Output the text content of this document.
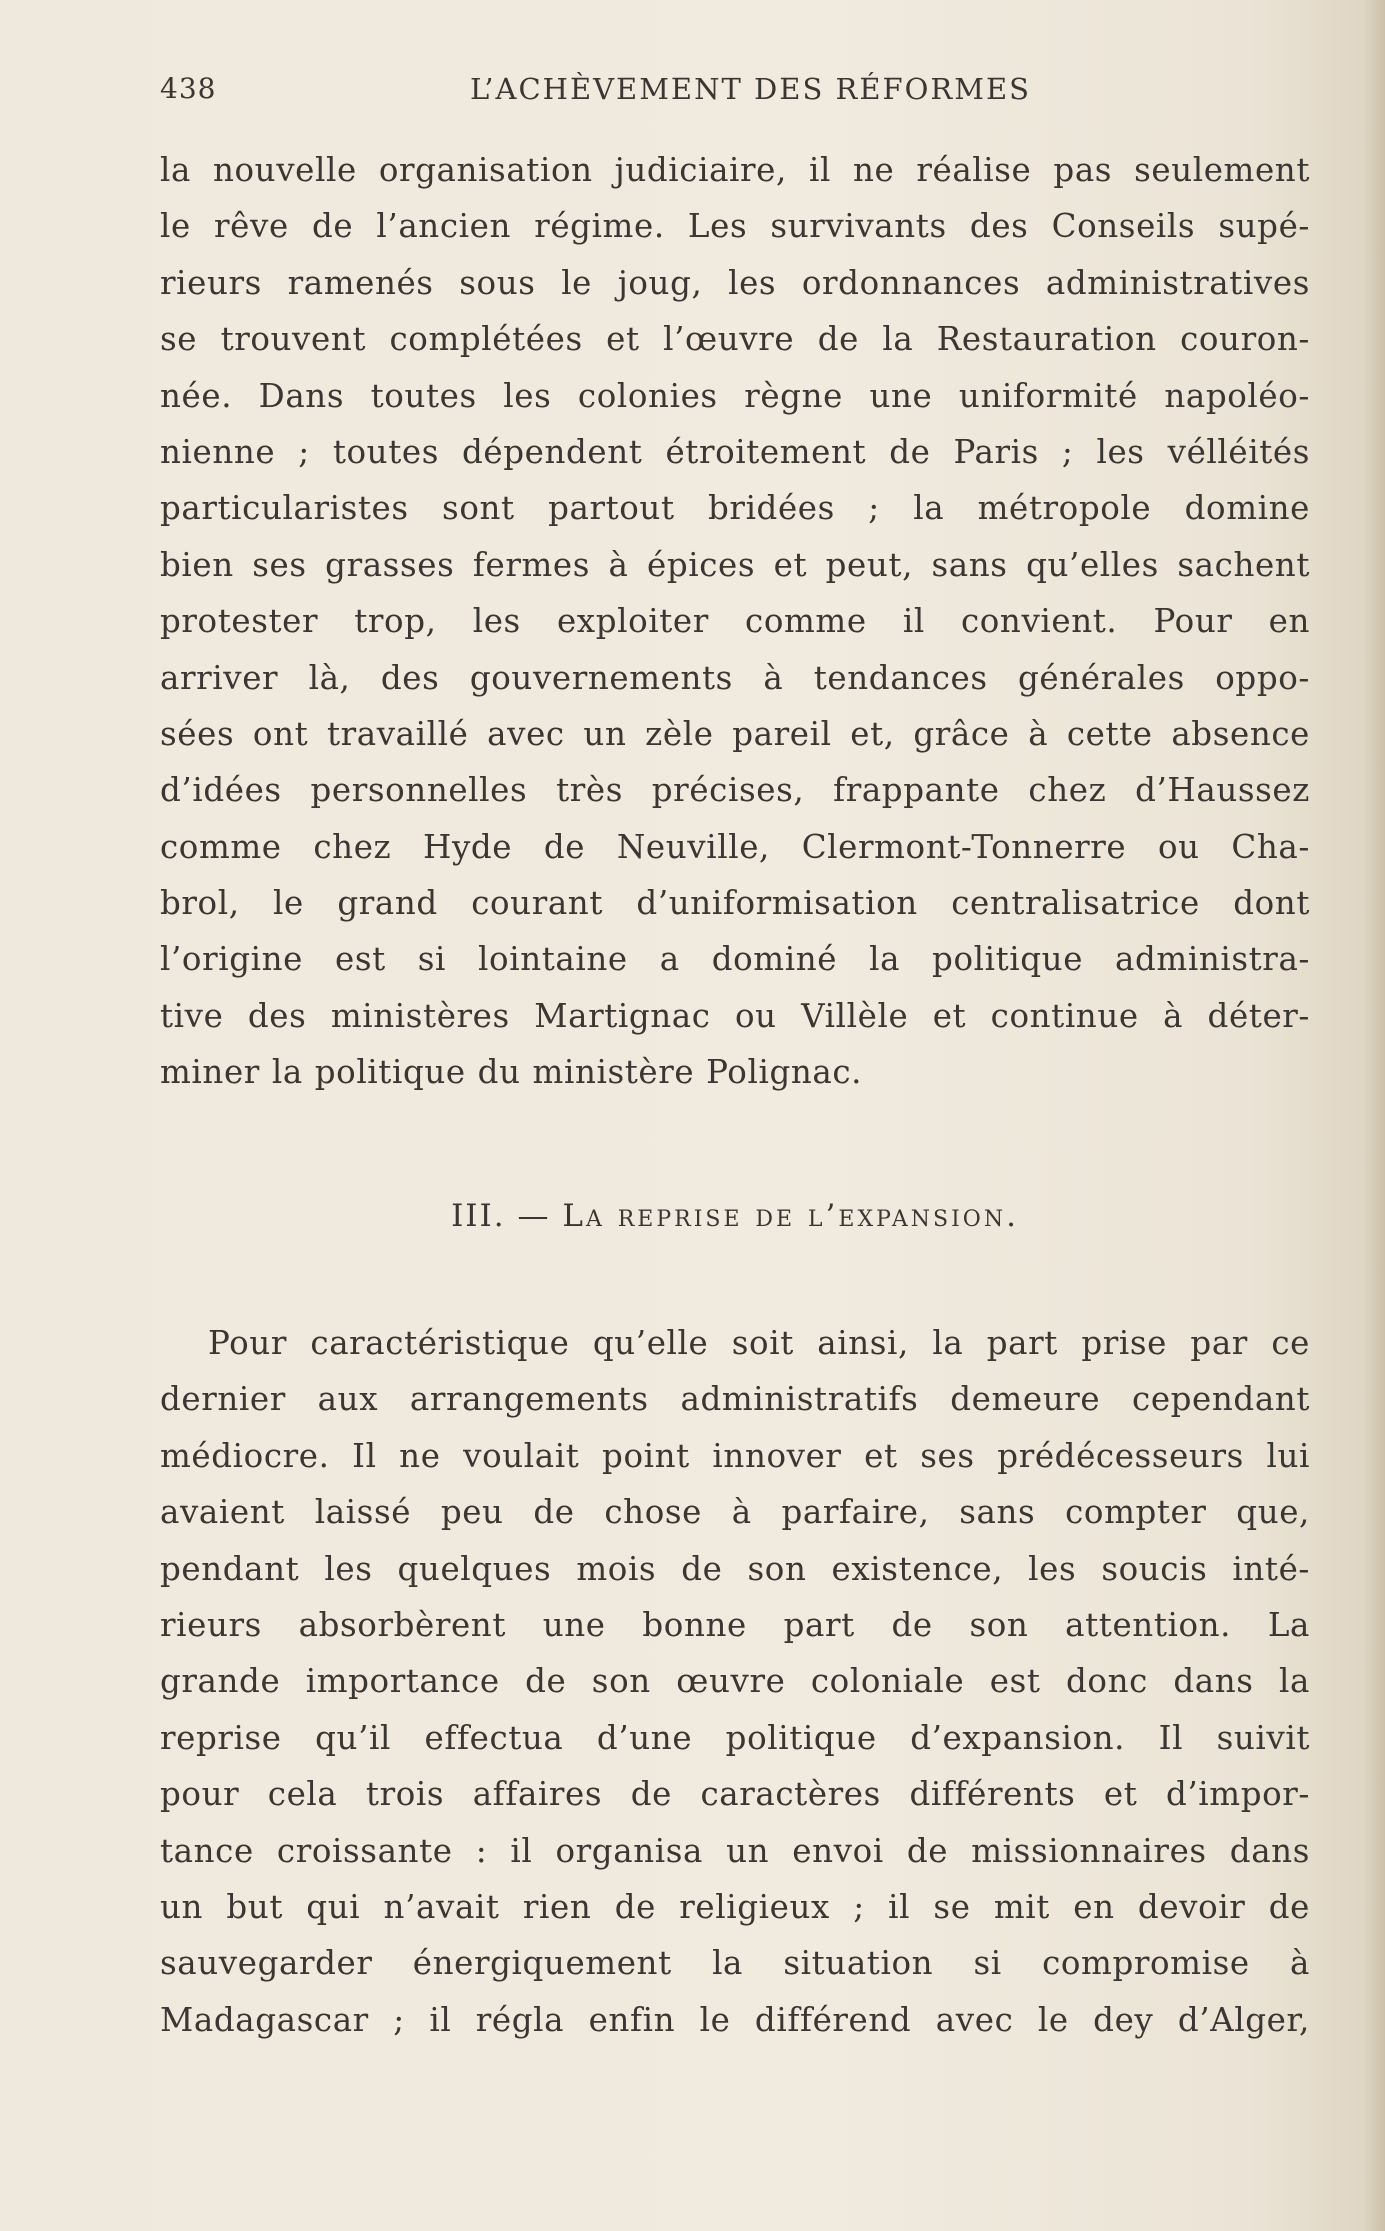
438	L’ACHÈVEMENT DES RÉFORMES
la nouvelle organisation judiciaire, il ne réalise pas seulement
le rêve de l’ancien régime. Les survivants des Conseils supé-
rieurs ramenés sous le joug, les ordonnances administratives
se trouvent complétées et l’œuvre de la Restauration couron-
née. Dans toutes les colonies règne une uniformité napoléo-
nienne ; toutes dépendent étroitement de Paris ; les vélléités
particularistes sont partout bridées ; la métropole domine
bien ses grasses fermes à épices et peut, sans qu’elles sachent
protester trop, les exploiter comme il convient. Pour en
arriver là, des gouvernements à tendances générales oppo-
sées ont travaillé avec un zèle pareil et, grâce à cette absence
d’idées personnelles très précises, frappante chez d’Haussez
comme chez Hyde de Neuville, Clermont-Tonnerre ou Cha-
brol, le grand courant d’uniformisation centralisatrice dont
l’origine est si lointaine a dominé la politique administra-
tive des ministères Martignac ou Villèle et continue à déter-
miner la politique du ministère Polignac.
III. — La reprise de l’expansion.
Pour caractéristique qu’elle soit ainsi, la part prise par ce
dernier aux arrangements administratifs demeure cependant
médiocre. Il ne voulait point innover et ses prédécesseurs lui
avaient laissé peu de chose à parfaire, sans compter que,
pendant les quelques mois de son existence, les soucis inté-
rieurs absorbèrent une bonne part de son attention. La
grande importance de son œuvre coloniale est donc dans la
reprise qu’il effectua d’une politique d’expansion. Il suivit
pour cela trois affaires de caractères différents et d’impor-
tance croissante : il organisa un envoi de missionnaires dans
un but qui n’avait rien de religieux ; il se mit en devoir de
sauvegarder énergiquement la situation si compromise à
Madagascar ; il régla enfin le différend avec le dey d’Alger,
